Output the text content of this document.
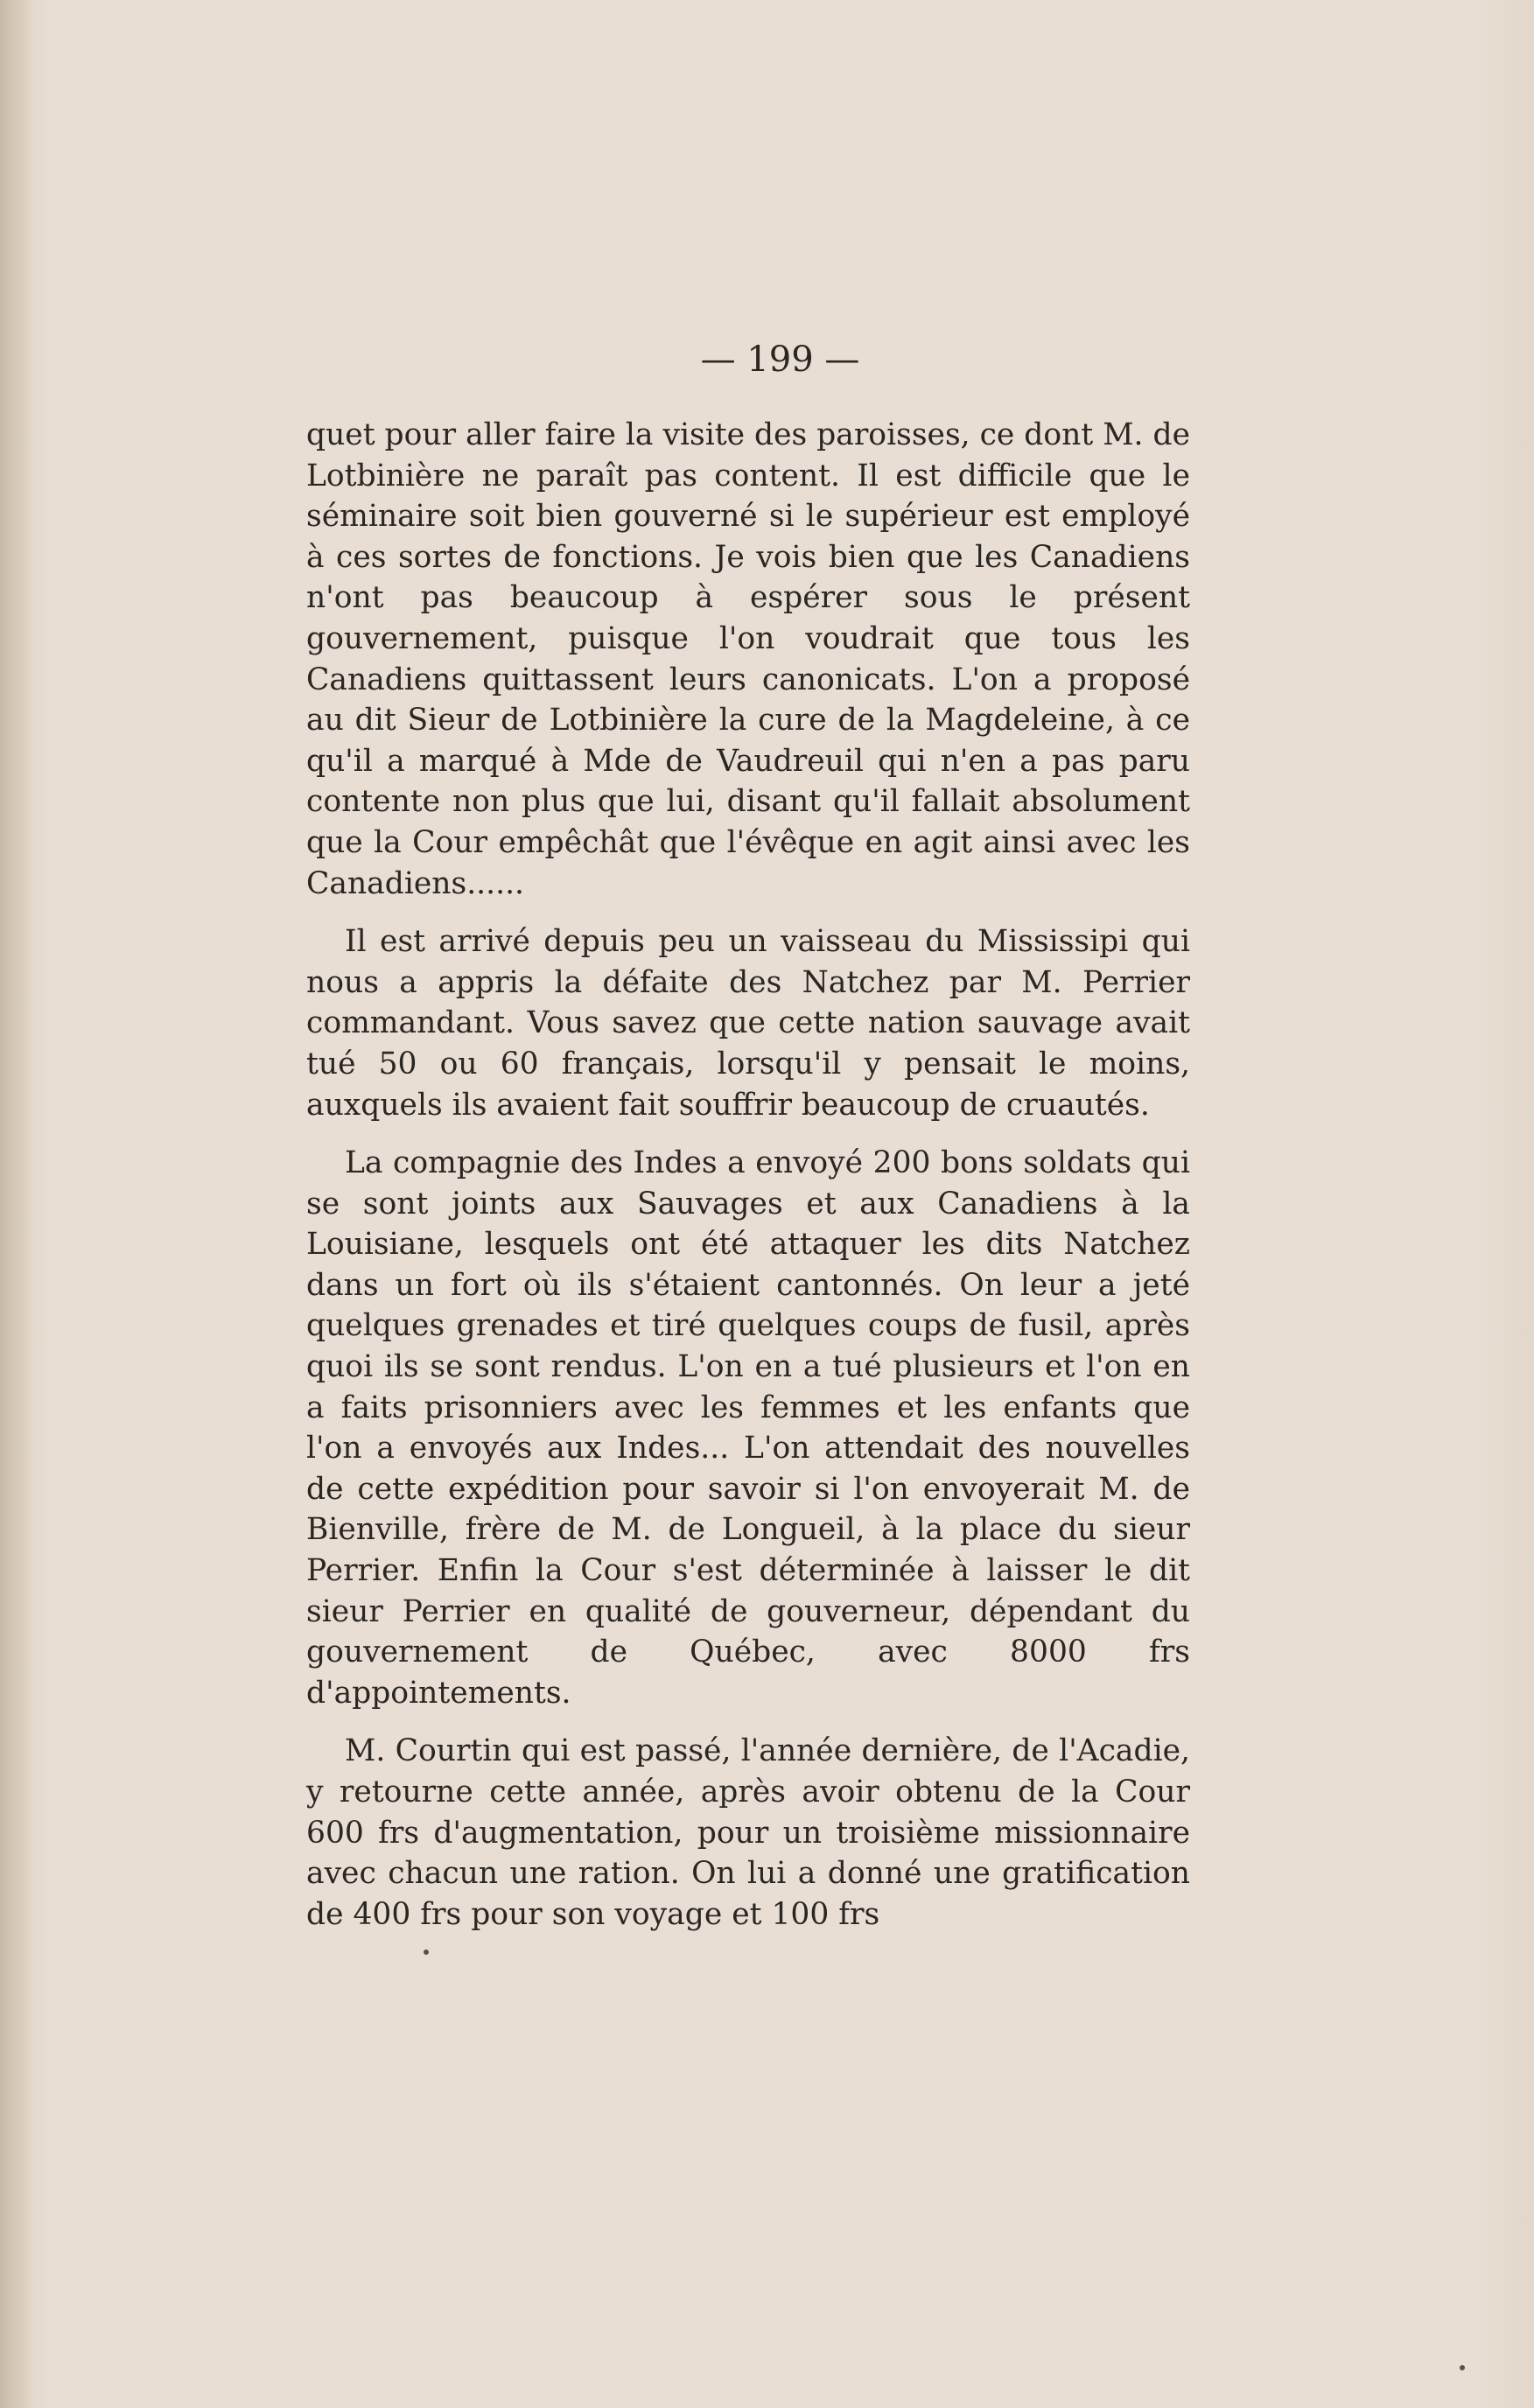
— 199 —

quet pour aller faire la visite des paroisses, ce dont M. de Lotbinière ne paraît pas content. Il est difficile que le séminaire soit bien gouverné si le supérieur est employé à ces sortes de fonctions. Je vois bien que les Canadiens n'ont pas beaucoup à espérer sous le présent gouvernement, puisque l'on voudrait que tous les Canadiens quittassent leurs canonicats. L'on a proposé au dit Sieur de Lotbinière la cure de la Magdeleine, à ce qu'il a marqué à Mde de Vaudreuil qui n'en a pas paru contente non plus que lui, disant qu'il fallait absolument que la Cour empêchât que l'évêque en agit ainsi avec les Canadiens......

Il est arrivé depuis peu un vaisseau du Mississipi qui nous a appris la défaite des Natchez par M. Perrier commandant. Vous savez que cette nation sauvage avait tué 50 ou 60 français, lorsqu'il y pensait le moins, auxquels ils avaient fait souffrir beaucoup de cruautés.

La compagnie des Indes a envoyé 200 bons soldats qui se sont joints aux Sauvages et aux Canadiens à la Louisiane, lesquels ont été attaquer les dits Natchez dans un fort où ils s'étaient cantonnés. On leur a jeté quelques grenades et tiré quelques coups de fusil, après quoi ils se sont rendus. L'on en a tué plusieurs et l'on en a faits prisonniers avec les femmes et les enfants que l'on a envoyés aux Indes... L'on attendait des nouvelles de cette expédition pour savoir si l'on envoyerait M. de Bienville, frère de M. de Longueil, à la place du sieur Perrier. Enfin la Cour s'est déterminée à laisser le dit sieur Perrier en qualité de gouverneur, dépendant du gouvernement de Québec, avec 8000 frs d'appointements.

M. Courtin qui est passé, l'année dernière, de l'Acadie, y retourne cette année, après avoir obtenu de la Cour 600 frs d'augmentation, pour un troisième missionnaire avec chacun une ration. On lui a donné une gratification de 400 frs pour son voyage et 100 frs
